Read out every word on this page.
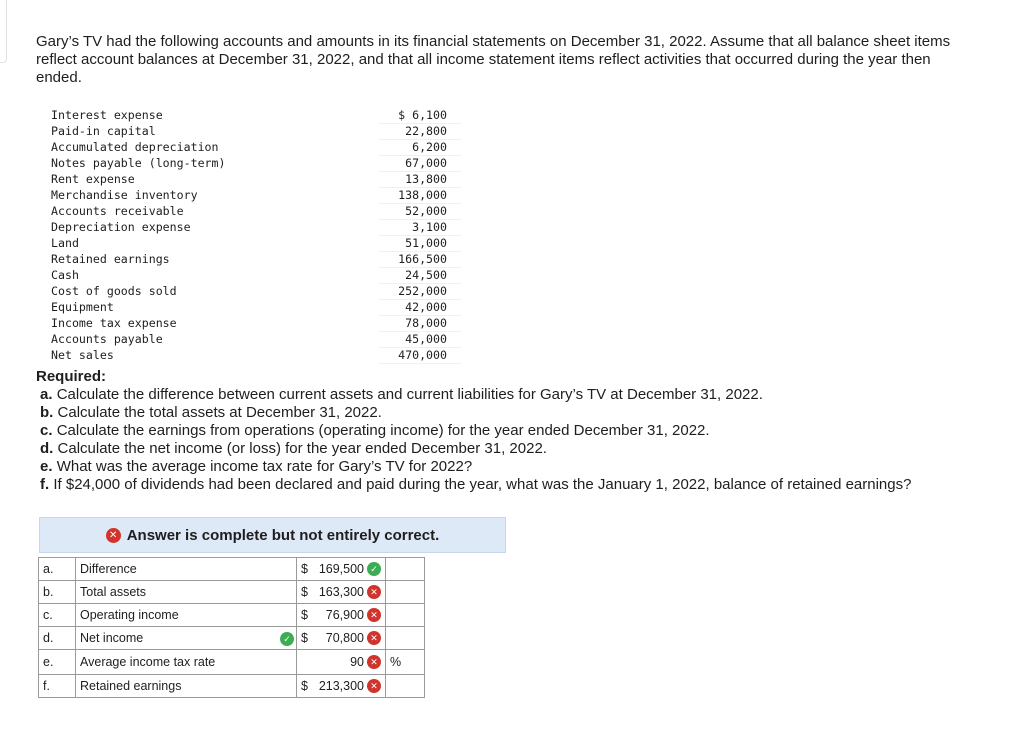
Gary’s TV had the following accounts and amounts in its financial statements on December 31, 2022. Assume that all balance sheet items reflect account balances at December 31, 2022, and that all income statement items reflect activities that occurred during the year then ended.

Interest expense	$ 6,100
Paid-in capital	22,800
Accumulated depreciation	6,200
Notes payable (long-term)	67,000
Rent expense	13,800
Merchandise inventory	138,000
Accounts receivable	52,000
Depreciation expense	3,100
Land	51,000
Retained earnings	166,500
Cash	24,500
Cost of goods sold	252,000
Equipment	42,000
Income tax expense	78,000
Accounts payable	45,000
Net sales	470,000
Required:
a. Calculate the difference between current assets and current liabilities for Gary’s TV at December 31, 2022.
b. Calculate the total assets at December 31, 2022.
c. Calculate the earnings from operations (operating income) for the year ended December 31, 2022.
d. Calculate the net income (or loss) for the year ended December 31, 2022.
e. What was the average income tax rate for Gary’s TV for 2022?
f. If $24,000 of dividends had been declared and paid during the year, what was the January 1, 2022, balance of retained earnings?
✕ Answer is complete but not entirely correct.
a.	Difference		$ 169,500 ✓	

b.	Total assets		$ 163,300 ✕	

c.	Operating income		$ 76,900 ✕	

d.	Net income	✓	$ 70,800 ✕	

e.	Average income tax rate		90 ✕	%
f.	Retained earnings		$ 213,300 ✕	
